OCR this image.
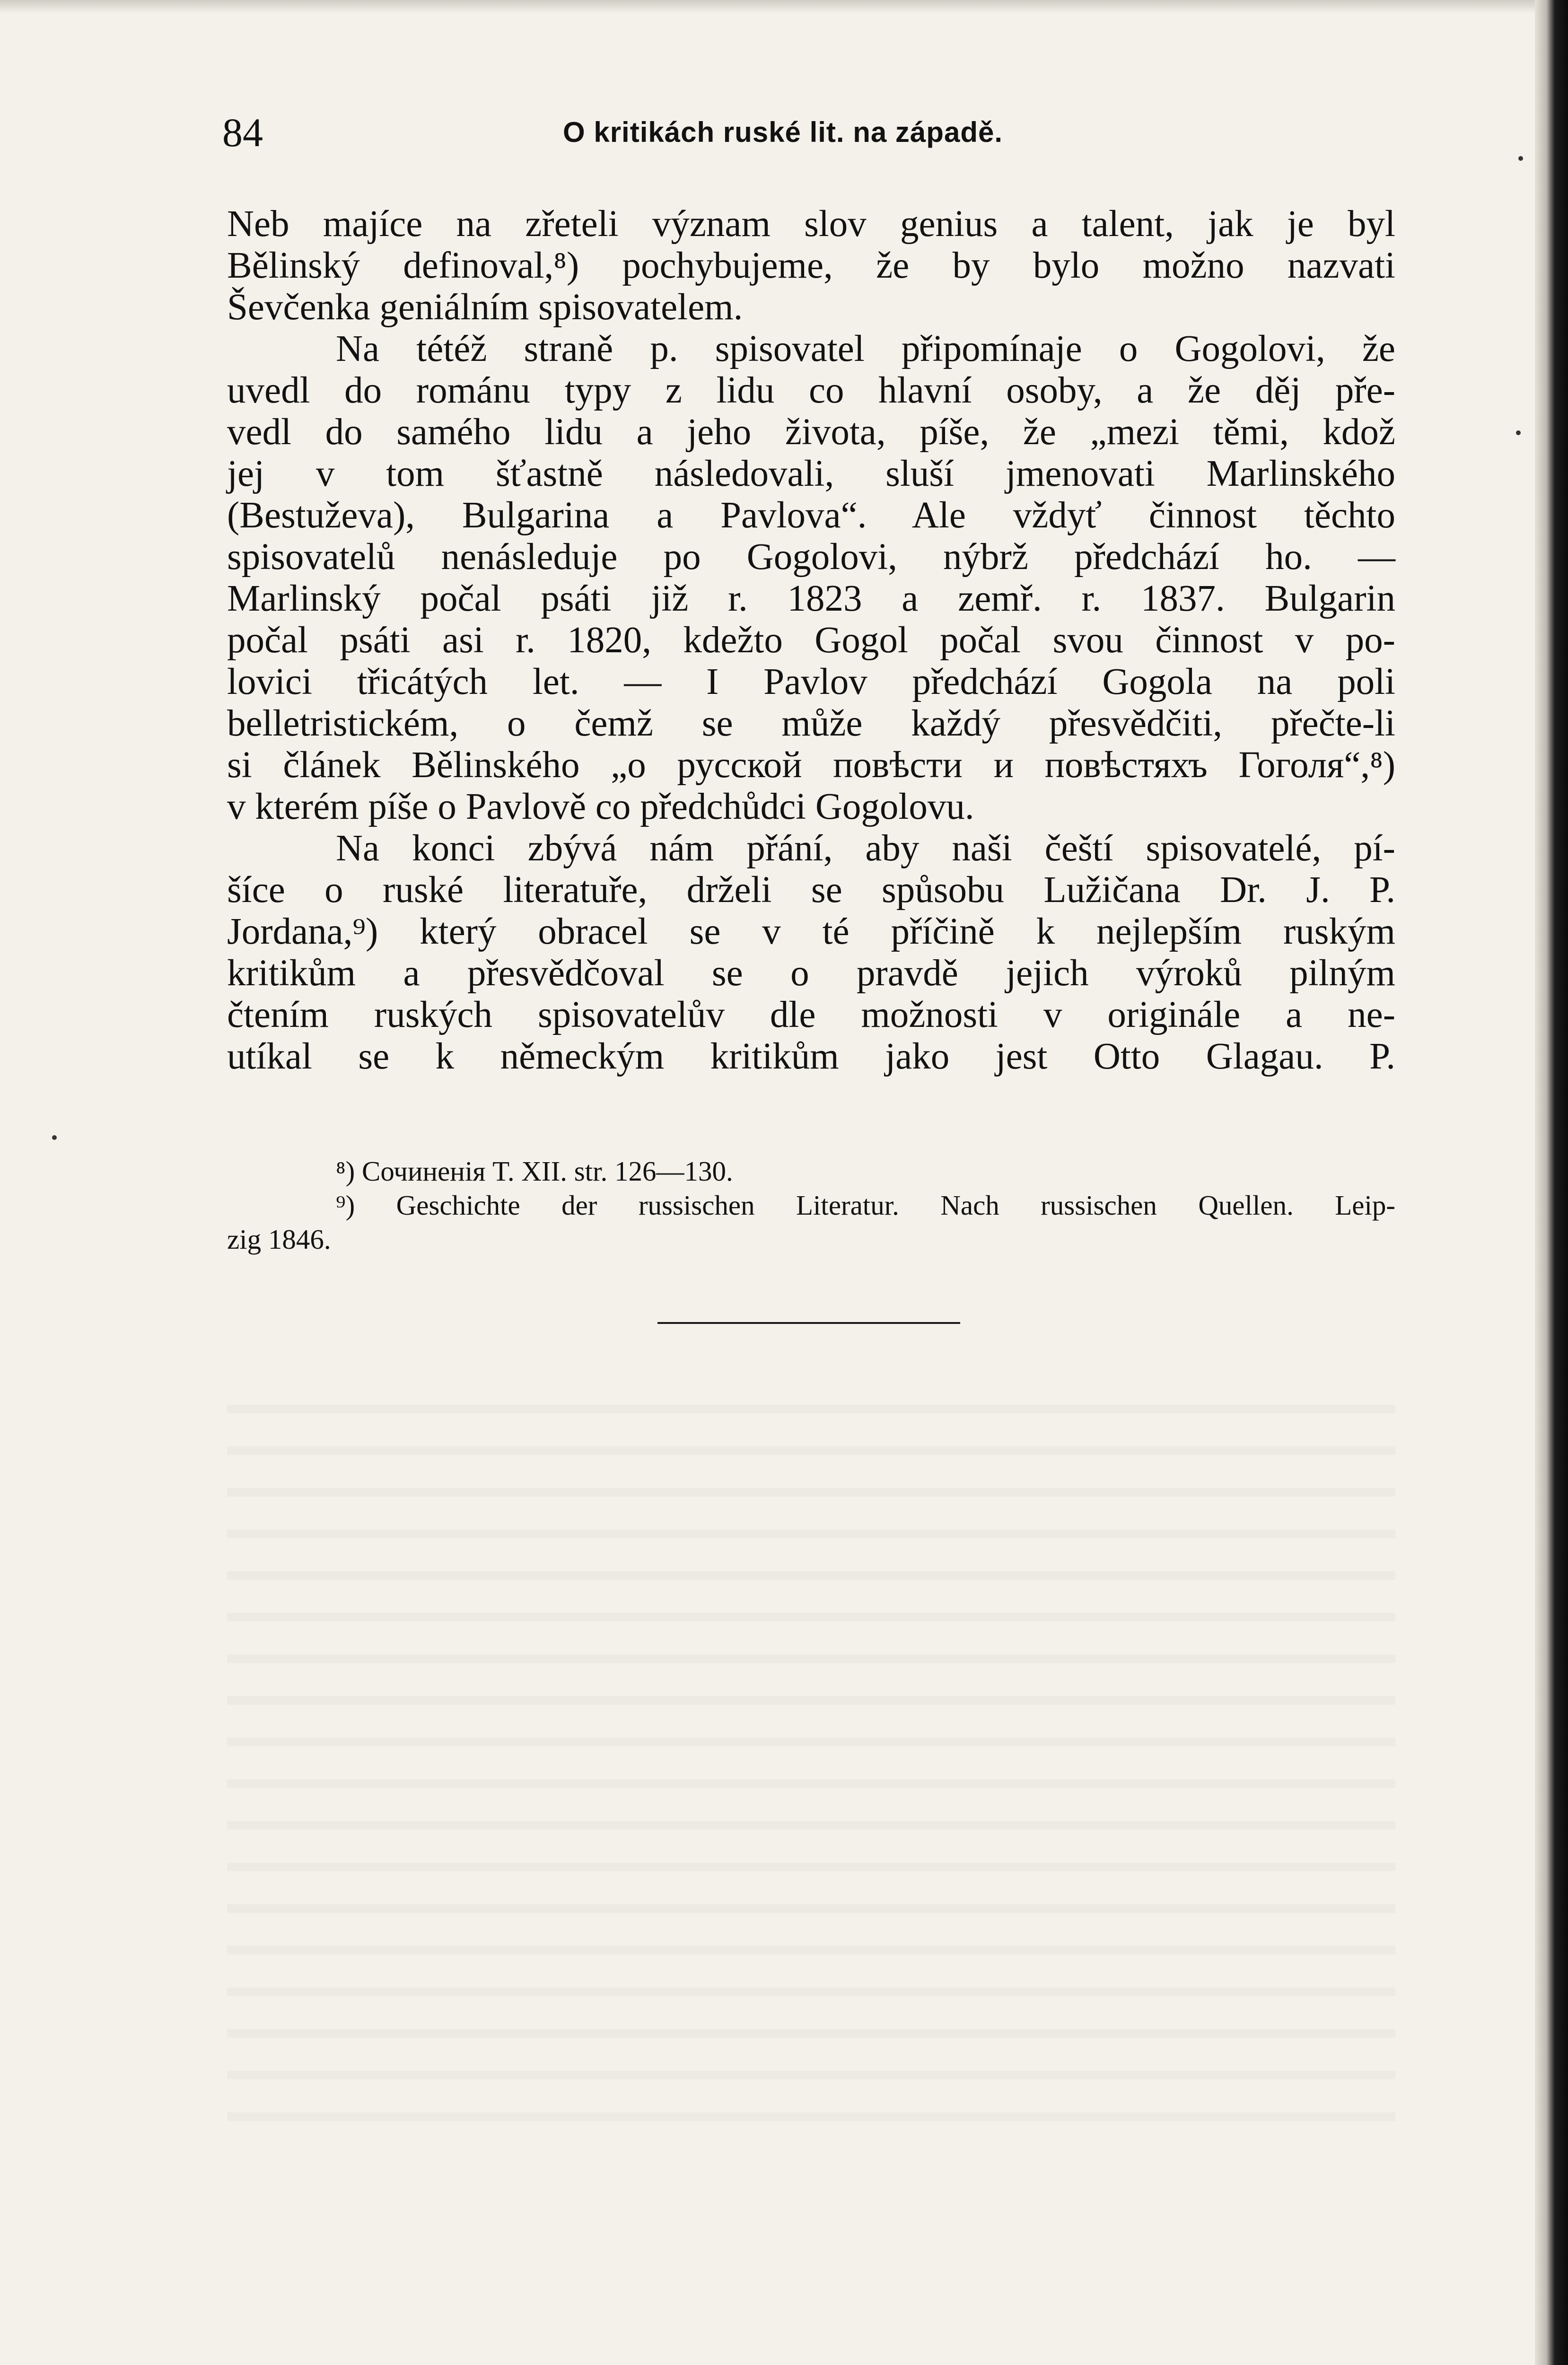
84	O kritikách ruské lit. na západě.

Neb majíce na zřeteli význam slov genius a talent, jak je byl

Bělinský definoval,⁸) pochybujeme, že by bylo možno nazvati

Ševčenka geniálním spisovatelem.

Na tétéž straně p. spisovatel připomínaje o Gogolovi, že

uvedl do románu typy z lidu co hlavní osoby, a že děj pře-

vedl do samého lidu a jeho života, píše, že „mezi těmi, kdož

jej v tom šťastně následovali, sluší jmenovati Marlinského

(Bestuževa), Bulgarina a Pavlova“. Ale vždyť činnost těchto

spisovatelů nenásleduje po Gogolovi, nýbrž předchází ho. —

Marlinský počal psáti již r. 1823 a zemř. r. 1837. Bulgarin

počal psáti asi r. 1820, kdežto Gogol počal svou činnost v po-

lovici třicátých let. — I Pavlov předchází Gogola na poli

belletristickém, o čemž se může každý přesvědčiti, přečte-li

si článek Bělinského „о русской повѣсти и повѣстяхъ Гоголя“,⁸)

v kterém píše o Pavlově co předchůdci Gogolovu.

Na konci zbývá nám přání, aby naši čeští spisovatelé, pí-

šíce o ruské literatuře, drželi se spůsobu Lužičana Dr. J. P.

Jordana,⁹) který obracel se v té příčině k nejlepším ruským

kritikům a přesvědčoval se o pravdě jejich výroků pilným

čtením ruských spisovatelův dle možnosti v originále a ne-

utíkal se k německým kritikům jako jest Otto Glagau. P.

⁸) Сочиненія T. XII. str. 126—130.

⁹) Geschichte der russischen Literatur. Nach russischen Quellen. Leip-

zig 1846.
